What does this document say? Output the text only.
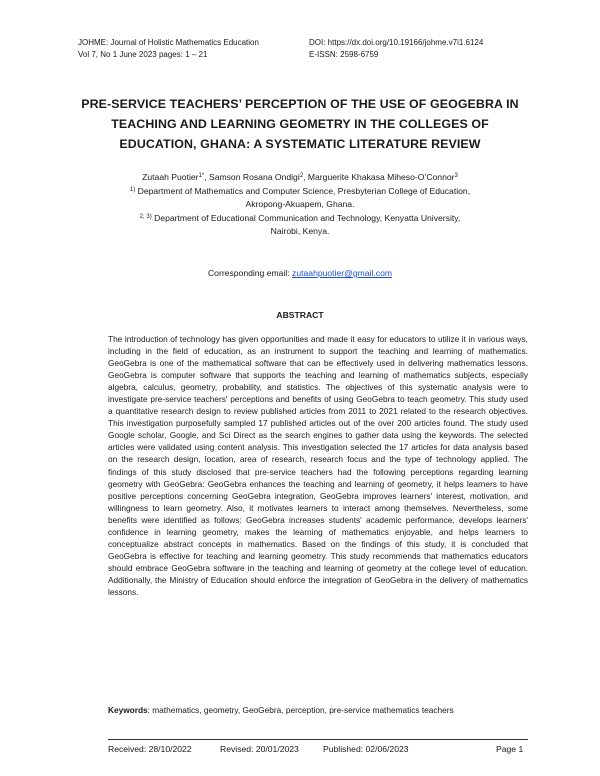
JOHME: Journal of Holistic Mathematics Education
Vol 7, No 1 June 2023 pages: 1 – 21
DOI: https://dx.doi.org/10.19166/johme.v7i1.6124
E-ISSN: 2598-6759
PRE-SERVICE TEACHERS’ PERCEPTION OF THE USE OF GEOGEBRA IN
TEACHING AND LEARNING GEOMETRY IN THE COLLEGES OF
EDUCATION, GHANA: A SYSTEMATIC LITERATURE REVIEW
Zutaah Puotier$^{1*}$, Samson Rosana Ondigi$^2$, Marguerite Khakasa Miheso-O’Connor$^3$
$^{1)}$ Department of Mathematics and Computer Science, Presbyterian College of Education,
Akropong-Akuapem, Ghana.
$^{2, 3)}$ Department of Educational Communication and Technology, Kenyatta University,
Nairobi, Kenya.
Corresponding email: zutaahpuotier@gmail.com
ABSTRACT

The introduction of technology has given opportunities and made it easy for educators to utilize it in various ways, including in the field of education, as an instrument to support the teaching and learning of mathematics. GeoGebra is one of the mathematical software that can be effectively used in delivering mathematics lessons. GeoGebra is computer software that supports the teaching and learning of mathematics subjects, especially algebra, calculus, geometry, probability, and statistics. The objectives of this systematic analysis were to investigate pre-service teachers' perceptions and benefits of using GeoGebra to teach geometry. This study used a quantitative research design to review published articles from 2011 to 2021 related to the research objectives. This investigation purposefully sampled 17 published articles out of the over 200 articles found. The study used Google scholar, Google, and Sci Direct as the search engines to gather data using the keywords. The selected articles were validated using content analysis. This investigation selected the 17 articles for data analysis based on the research design, location, area of research, research focus and the type of technology applied. The findings of this study disclosed that pre-service teachers had the following perceptions regarding learning geometry with GeoGebra: GeoGebra enhances the teaching and learning of geometry, it helps learners to have positive perceptions concerning GeoGebra integration, GeoGebra improves learners' interest, motivation, and willingness to learn geometry. Also, it motivates learners to interact among themselves. Nevertheless, some benefits were identified as follows: GeoGebra increases students' academic performance, develops learners' confidence in learning geometry, makes the learning of mathematics enjoyable, and helps learners to conceptualize abstract concepts in mathematics. Based on the findings of this study, it is concluded that GeoGebra is effective for teaching and learning geometry. This study recommends that mathematics educators should embrace GeoGebra software in the teaching and learning of geometry at the college level of education. Additionally, the Ministry of Education should enforce the integration of GeoGebra in the delivery of mathematics lessons.

Keywords: mathematics, geometry, GeoGebra, perception, pre-service mathematics teachers

Received: 28/10/2022	Revised: 20/01/2023	Published: 02/06/2023	Page 1
